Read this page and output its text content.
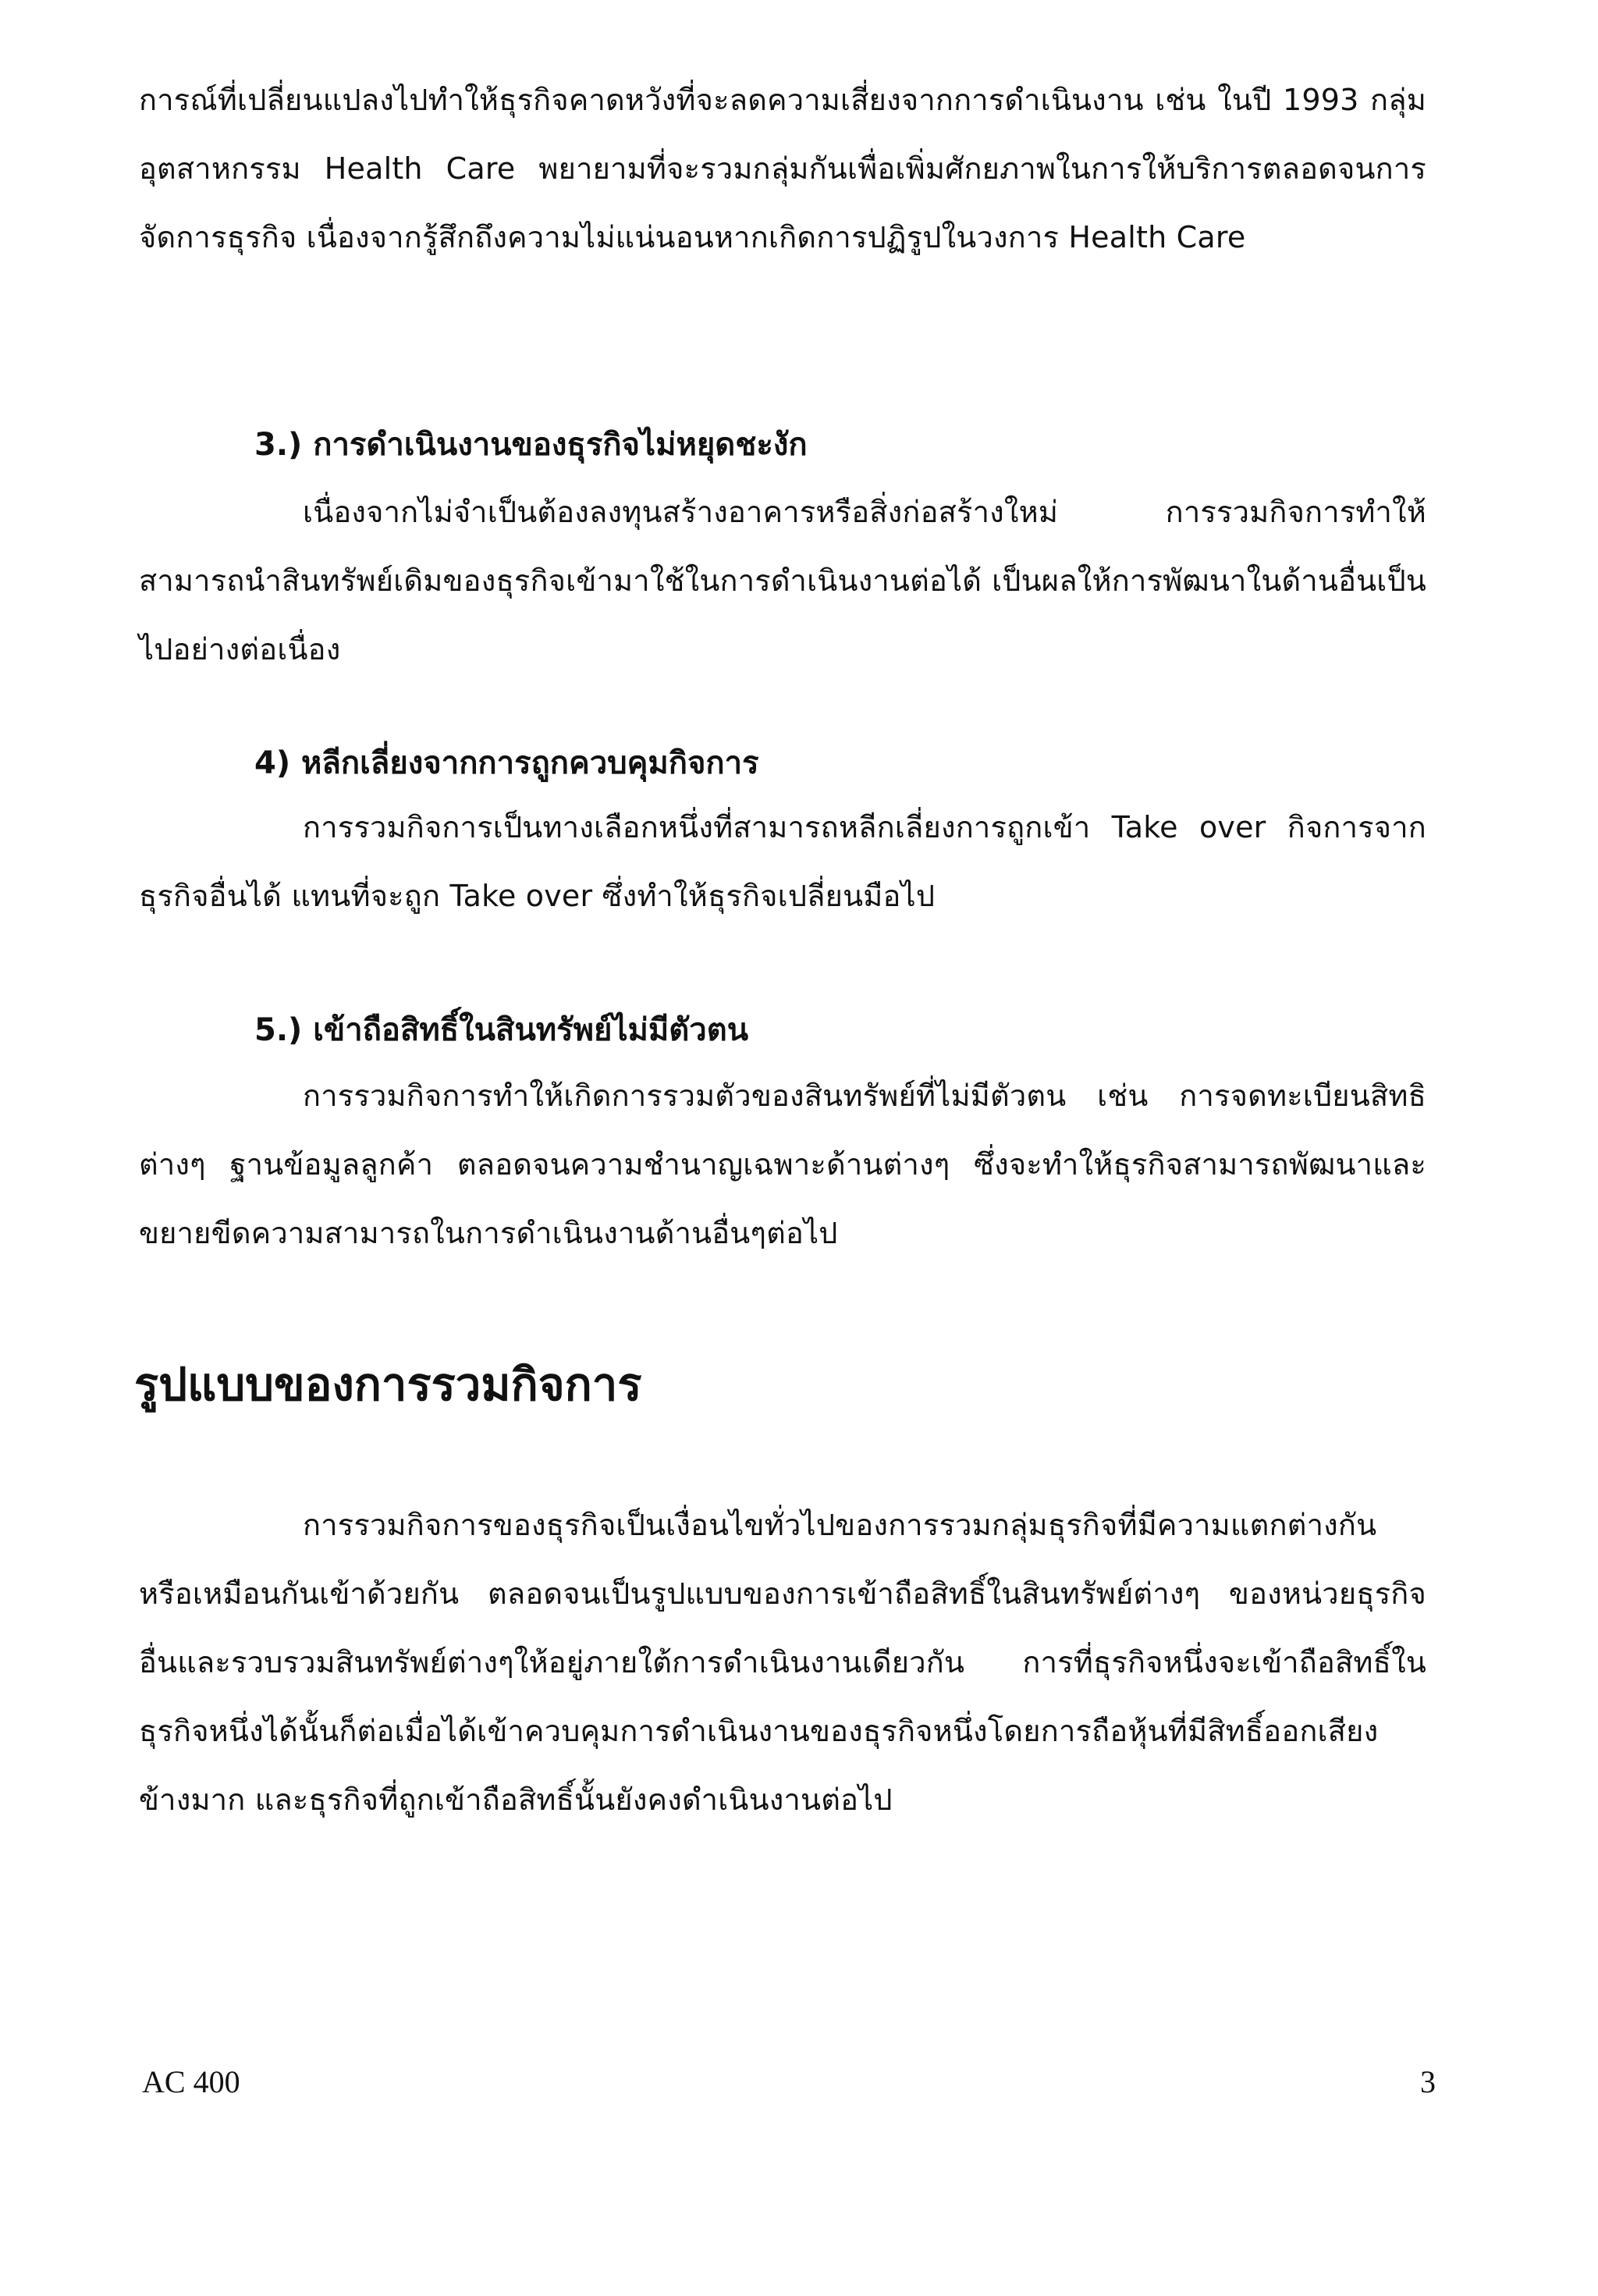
การณ์ที่เปลี่ยนแปลงไปทำให้ธุรกิจคาดหวังที่จะลดความเสี่ยงจากการดำเนินงาน เช่น ในปี 1993 กลุ่มอุตสาหกรรม Health Care พยายามที่จะรวมกลุ่มกันเพื่อเพิ่มศักยภาพในการให้บริการตลอดจนการจัดการธุรกิจ เนื่องจากรู้สึกถึงความไม่แน่นอนหากเกิดการปฏิรูปในวงการ Health Care

3.) การดำเนินงานของธุรกิจไม่หยุดชะงัก

เนื่องจากไม่จำเป็นต้องลงทุนสร้างอาคารหรือสิ่งก่อสร้างใหม่ การรวมกิจการทำให้สามารถนำสินทรัพย์เดิมของธุรกิจเข้ามาใช้ในการดำเนินงานต่อได้ เป็นผลให้การพัฒนาในด้านอื่นเป็นไปอย่างต่อเนื่อง

4) หลีกเลี่ยงจากการถูกควบคุมกิจการ

การรวมกิจการเป็นทางเลือกหนึ่งที่สามารถหลีกเลี่ยงการถูกเข้า Take over กิจการจากธุรกิจอื่นได้ แทนที่จะถูก Take over ซึ่งทำให้ธุรกิจเปลี่ยนมือไป

5.) เข้าถือสิทธิ์ในสินทรัพย์ไม่มีตัวตน

การรวมกิจการทำให้เกิดการรวมตัวของสินทรัพย์ที่ไม่มีตัวตน เช่น การจดทะเบียนสิทธิต่างๆ ฐานข้อมูลลูกค้า ตลอดจนความชำนาญเฉพาะด้านต่างๆ ซึ่งจะทำให้ธุรกิจสามารถพัฒนาและขยายขีดความสามารถในการดำเนินงานด้านอื่นๆต่อไป

รูปแบบของการรวมกิจการ

การรวมกิจการของธุรกิจเป็นเงื่อนไขทั่วไปของการรวมกลุ่มธุรกิจที่มีความแตกต่างกันหรือเหมือนกันเข้าด้วยกัน ตลอดจนเป็นรูปแบบของการเข้าถือสิทธิ์ในสินทรัพย์ต่างๆ ของหน่วยธุรกิจอื่นและรวบรวมสินทรัพย์ต่างๆให้อยู่ภายใต้การดำเนินงานเดียวกัน การที่ธุรกิจหนึ่งจะเข้าถือสิทธิ์ในธุรกิจหนึ่งได้นั้นก็ต่อเมื่อได้เข้าควบคุมการดำเนินงานของธุรกิจหนึ่งโดยการถือหุ้นที่มีสิทธิ์ออกเสียงข้างมาก และธุรกิจที่ถูกเข้าถือสิทธิ์นั้นยังคงดำเนินงานต่อไป

AC 400	3
